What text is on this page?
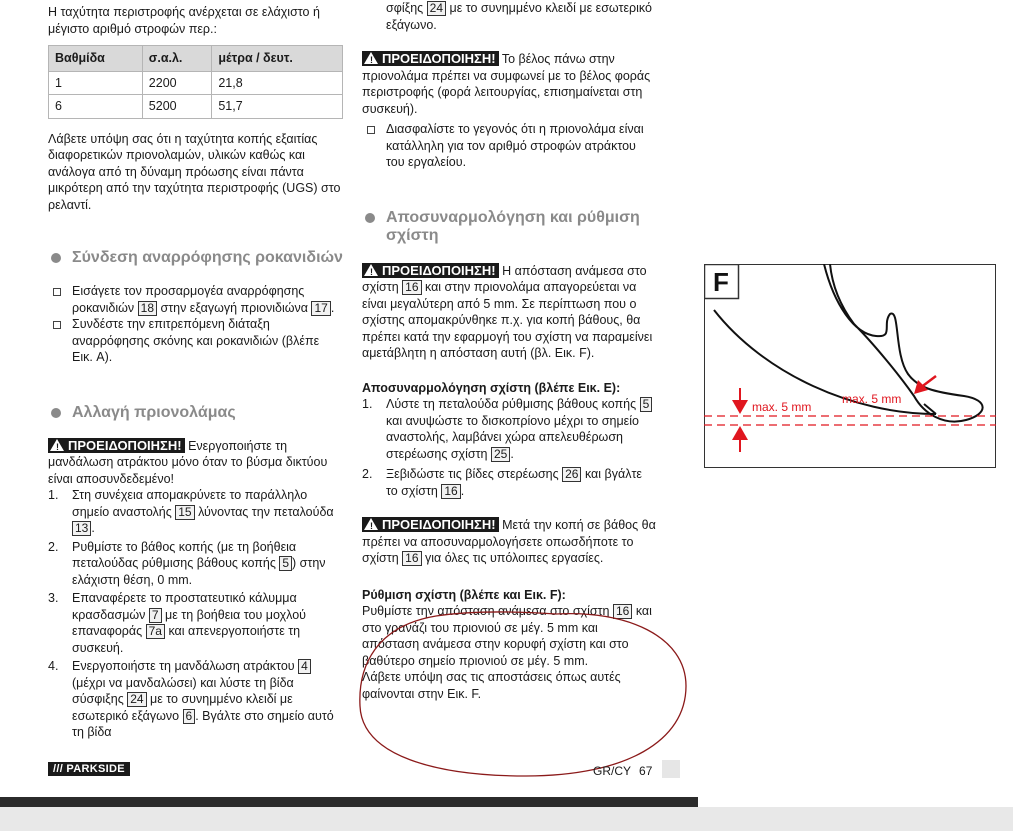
Η ταχύτητα περιστροφής ανέρχεται σε ελάχιστο ή μέγιστο αριθμό στροφών περ.:

Βαθμίδα	σ.α.λ.	μέτρα / δευτ.
1	2200	21,8
6	5200	51,7

Λάβετε υπόψη σας ότι η ταχύτητα κοπής εξαιτίας διαφορετικών πριονολαμών, υλικών καθώς και ανάλογα από τη δύναμη πρόωσης είναι πάντα μικρότερη από την ταχύτητα περιστροφής (UGS) στο ρελαντί.

Σύνδεση αναρρόφησης ροκανιδιών
Εισάγετε τον προσαρμογέα αναρρόφησης ροκανιδιών 18 στην εξαγωγή πριονιδιώνα 17 .
Συνδέστε την επιτρεπόμενη διάταξη αναρρόφησης σκόνης και ροκανιδιών (βλέπε Εικ. A).
Αλλαγή πριονολάμας

! ΠΡΟΕΙΔΟΠΟΙΗΣΗ! Ενεργοποιήστε τη μανδάλωση ατράκτου μόνο όταν το βύσμα δικτύου είναι αποσυνδεδεμένο!

1. Στη συνέχεια απομακρύνετε το παράλληλο σημείο αναστολής 15 λύνοντας την πεταλούδα 13 .
2. Ρυθμίστε το βάθος κοπής (με τη βοήθεια πεταλούδας ρύθμισης βάθους κοπής 5 ) στην ελάχιστη θέση, 0 mm.
3. Επαναφέρετε το προστατευτικό κάλυμμα κρασδασμών 7 με τη βοήθεια του μοχλού επαναφοράς 7a και απενεργοποιήστε τη συσκευή.
4. Ενεργοποιήστε τη μανδάλωση ατράκτου 4 (μέχρι να μανδαλώσει) και λύστε τη βίδα σύσφιξης 24 με το συνημμένο κλειδί με εσωτερικό εξάγωνο 6 . Βγάλτε στο σημείο αυτό τη βίδα

σφίξης 24 με το συνημμένο κλειδί με εσωτερικό εξάγωνο.

! ΠΡΟΕΙΔΟΠΟΙΗΣΗ! Το βέλος πάνω στην πριονολάμα πρέπει να συμφωνεί με το βέλος φοράς περιστροφής (φορά λειτουργίας, επισημαίνεται στη συσκευή).

Διασφαλίστε το γεγονός ότι η πριονολάμα είναι κατάλληλη για τον αριθμό στροφών ατράκτου του εργαλείου.
Αποσυναρμολόγηση και ρύθμιση σχίστη

! ΠΡΟΕΙΔΟΠΟΙΗΣΗ! Η απόσταση ανάμεσα στο σχίστη 16 και στην πριονολάμα απαγορεύεται να είναι μεγαλύτερη από 5 mm. Σε περίπτωση που ο σχίστης απομακρύνθηκε π.χ. για κοπή βάθους, θα πρέπει κατά την εφαρμογή του σχίστη να παραμείνει αμετάβλητη η απόσταση αυτή (βλ. Εικ. F).

Αποσυναρμολόγηση σχίστη (βλέπε Εικ. E):

1. Λύστε τη πεταλούδα ρύθμισης βάθους κοπής 5 και ανυψώστε το δισκοπρίονο μέχρι το σημείο αναστολής, λαμβάνει χώρα απελευθέρωση στερέωσης σχίστη 25 .
2. Ξεβιδώστε τις βίδες στερέωσης 26 και βγάλτε το σχίστη 16 .

! ΠΡΟΕΙΔΟΠΟΙΗΣΗ! Μετά την κοπή σε βάθος θα πρέπει να αποσυναρμολογήσετε οπωσδήποτε το σχίστη 16 για όλες τις υπόλοιπες εργασίες.

Ρύθμιση σχίστη (βλέπε και Εικ. F):

Ρυθμίστε την απόσταση ανάμεσα στο σχίστη 16 και στο γρανάζι του πριονιού σε μέγ. 5 mm και απόσταση ανάμεσα στην κορυφή σχίστη και στο βαθύτερο σημείο πριονιού σε μέγ. 5 mm.

Λάβετε υπόψη σας τις αποστάσεις όπως αυτές φαίνονται στην Εικ. F.

/// PARKSIDE	GR/CY 67
F
max. 5 mm
max. 5 mm
